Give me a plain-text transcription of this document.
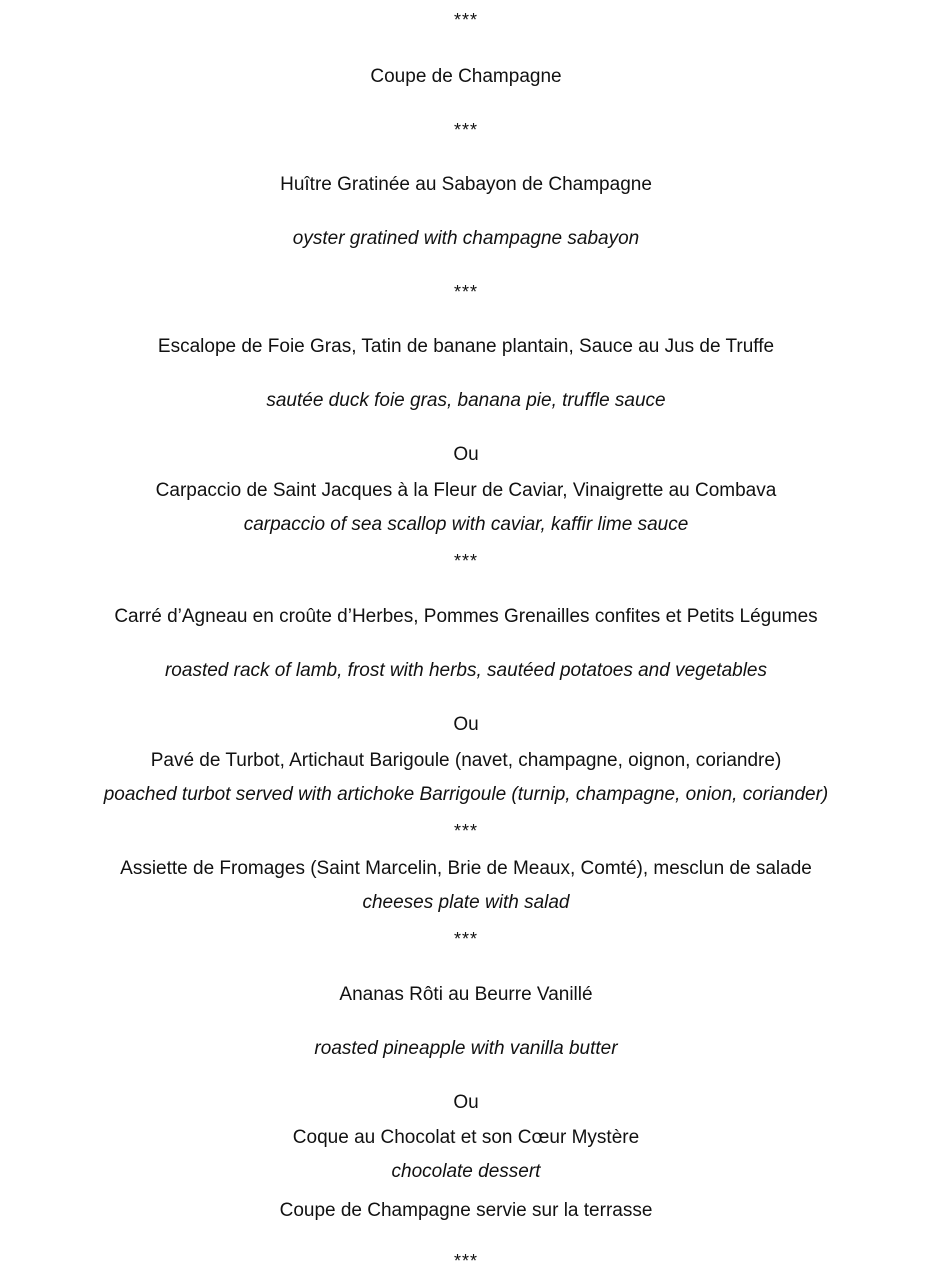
***
Coupe de Champagne
***
Huître Gratinée au Sabayon de Champagne
oyster gratined with champagne sabayon
***
Escalope de Foie Gras, Tatin de banane plantain, Sauce au Jus de Truffe
sautée duck foie gras, banana pie, truffle sauce
Ou
Carpaccio de Saint Jacques à la Fleur de Caviar, Vinaigrette au Combava
carpaccio of sea scallop with caviar, kaffir lime sauce
***
Carré d’Agneau en croûte d’Herbes, Pommes Grenailles confites et Petits Légumes
roasted rack of lamb, frost with herbs, sautéed potatoes and vegetables
Ou
Pavé de Turbot, Artichaut Barigoule (navet, champagne, oignon, coriandre)
poached turbot served with artichoke Barrigoule (turnip, champagne, onion, coriander)
***
Assiette de Fromages (Saint Marcelin, Brie de Meaux, Comté), mesclun de salade
cheeses plate with salad
***
Ananas Rôti au Beurre Vanillé
roasted pineapple with vanilla butter
Ou
Coque au Chocolat et son Cœur Mystère
chocolate dessert
Coupe de Champagne servie sur la terrasse
***
